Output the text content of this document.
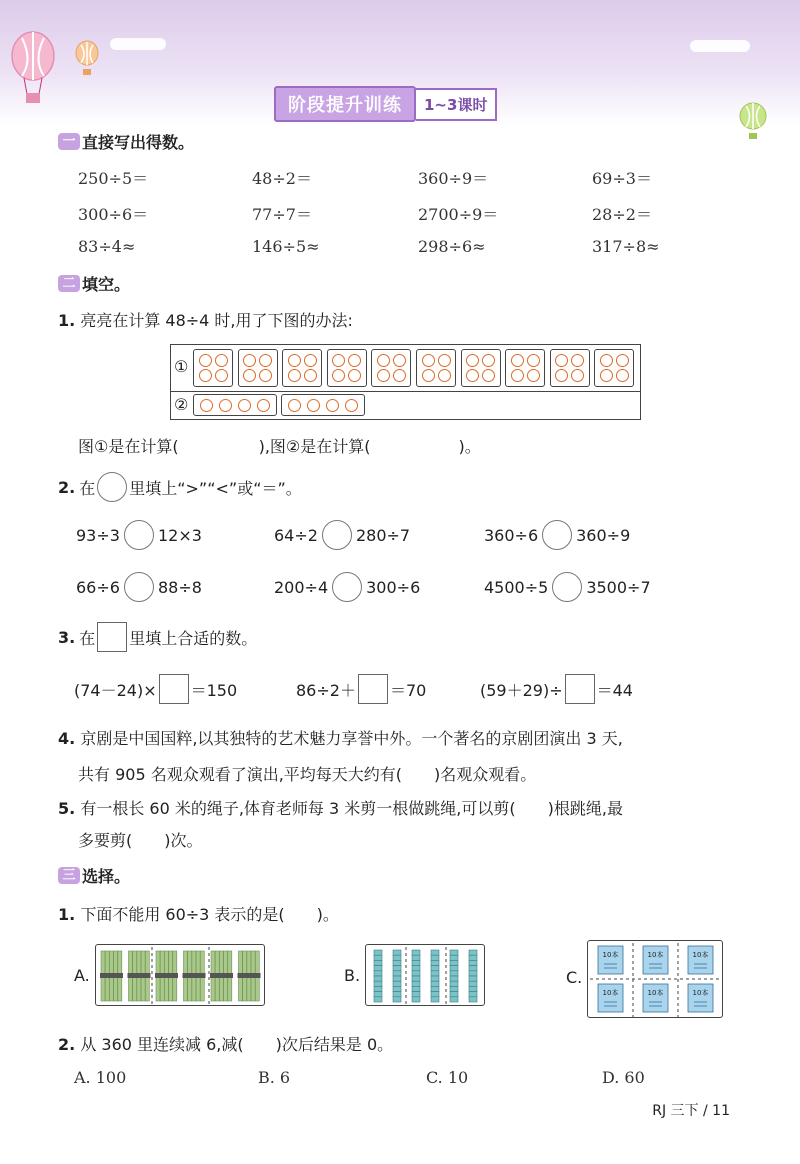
阶段提升训练	1~3课时
一 直接写出得数。
250÷5＝	48÷2＝	360÷9＝	69÷3＝
300÷6＝	77÷7＝	2700÷9＝	28÷2＝
83÷4≈	146÷5≈	298÷6≈	317÷8≈
二 填空。
1. 亮亮在计算 48÷4 时,用了下图的办法:
①
②
图①是在计算(	),图②是在计算(	)。
2. 在 里填上“>”“<”或“＝”。
93÷3 12×3	64÷2 280÷7	360÷6 360÷9
66÷6 88÷8	200÷4 300÷6	4500÷5 3500÷7
3. 在 里填上合适的数。
(74－24)× ＝150	86÷2＋ ＝70	(59＋29)÷ ＝44
4. 京剧是中国国粹,以其独特的艺术魅力享誉中外。一个著名的京剧团演出 3 天,
共有 905 名观众观看了演出,平均每天大约有(　　)名观众观看。
5. 有一根长 60 米的绳子,体育老师每 3 米剪一根做跳绳,可以剪(　　)根跳绳,最
多要剪(　　)次。
三 选择。
1. 下面不能用 60÷3 表示的是(　　)。
A.	B.	C.
10本	10本	10本
10本	10本	10本
2. 从 360 里连续减 6,减(　　)次后结果是 0。
A. 100	B. 6	C. 10	D. 60
RJ 三下 / 11
